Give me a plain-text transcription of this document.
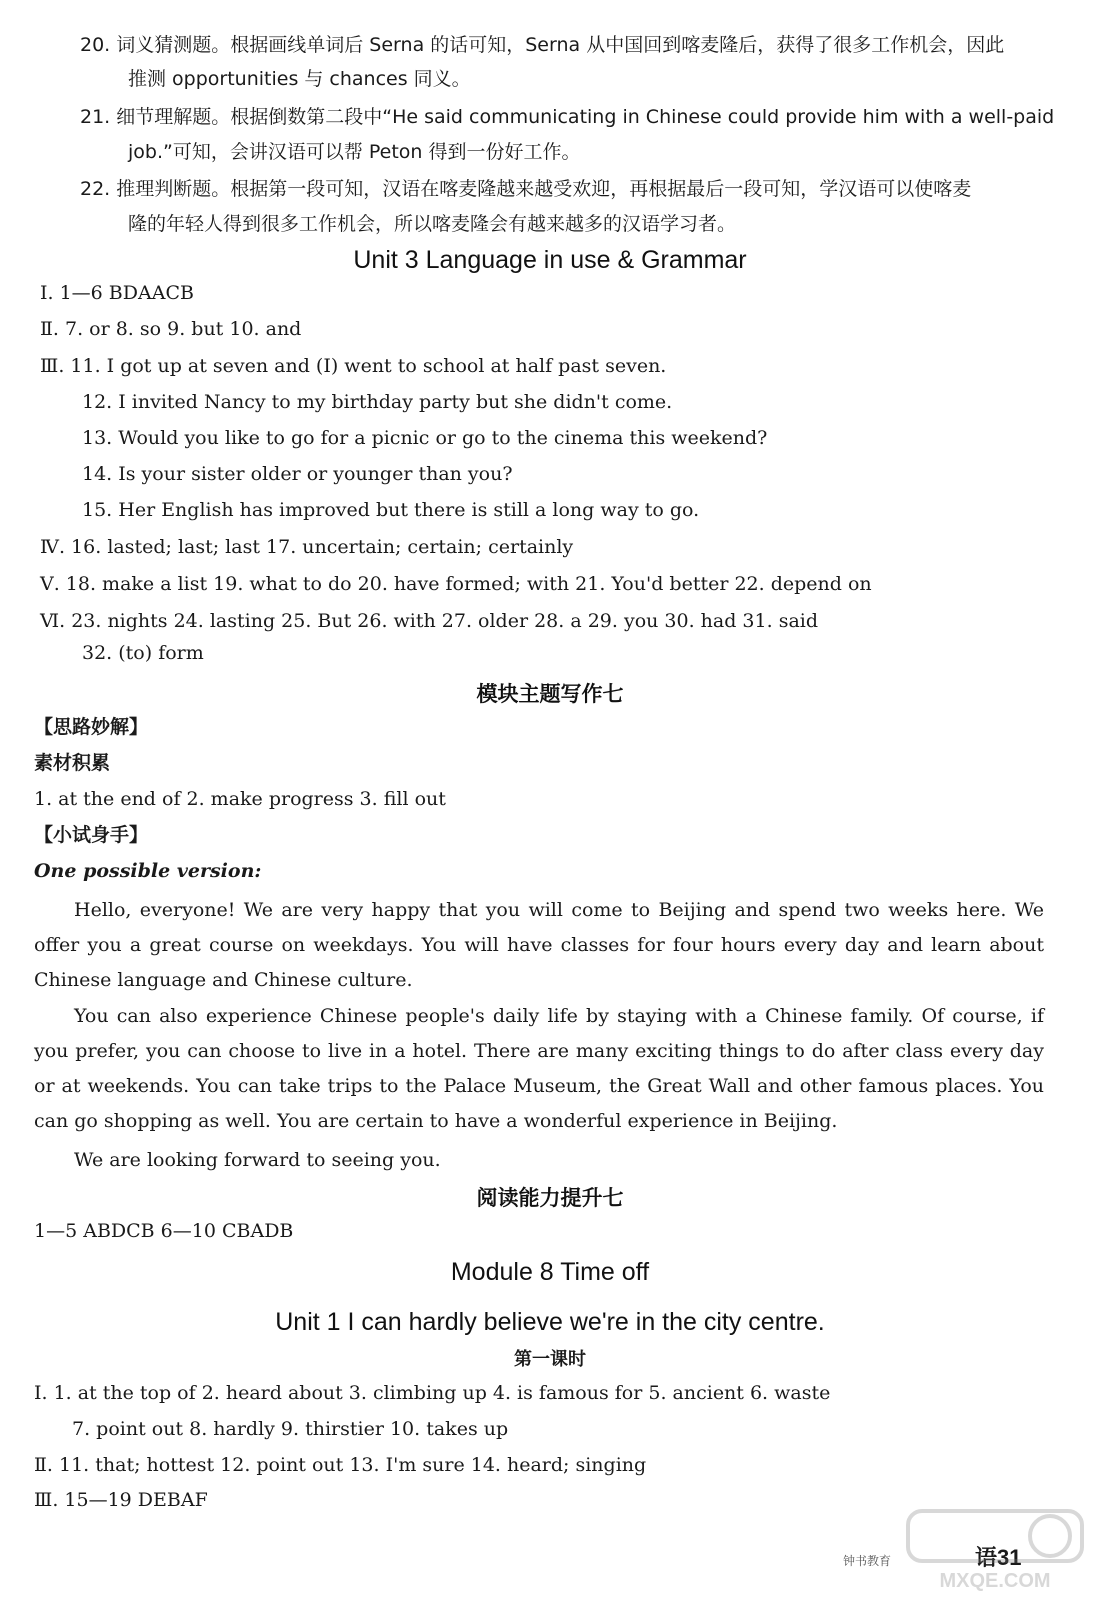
20. 词义猜测题。根据画线单词后 Serna 的话可知，Serna 从中国回到喀麦隆后，获得了很多工作机会，因此
推测 opportunities 与 chances 同义。
21. 细节理解题。根据倒数第二段中“He said communicating in Chinese could provide him with a well-paid
job.”可知，会讲汉语可以帮 Peton 得到一份好工作。
22. 推理判断题。根据第一段可知，汉语在喀麦隆越来越受欢迎，再根据最后一段可知，学汉语可以使喀麦
隆的年轻人得到很多工作机会，所以喀麦隆会有越来越多的汉语学习者。
Unit 3 Language in use & Grammar
Ⅰ. 1—6 BDAACB
Ⅱ. 7. or 8. so 9. but 10. and
Ⅲ. 11. I got up at seven and (I) went to school at half past seven.
12. I invited Nancy to my birthday party but she didn't come.
13. Would you like to go for a picnic or go to the cinema this weekend?
14. Is your sister older or younger than you?
15. Her English has improved but there is still a long way to go.
Ⅳ. 16. lasted; last; last 17. uncertain; certain; certainly
Ⅴ. 18. make a list 19. what to do 20. have formed; with 21. You'd better 22. depend on
Ⅵ. 23. nights 24. lasting 25. But 26. with 27. older 28. a 29. you 30. had 31. said
32. (to) form
模块主题写作七
【思路妙解】
素材积累
1. at the end of 2. make progress 3. fill out
【小试身手】
One possible version:
Hello, everyone! We are very happy that you will come to Beijing and spend two weeks here. We offer you a great course on weekdays. You will have classes for four hours every day and learn about Chinese language and Chinese culture.
You can also experience Chinese people's daily life by staying with a Chinese family. Of course, if you prefer, you can choose to live in a hotel. There are many exciting things to do after class every day or at weekends. You can take trips to the Palace Museum, the Great Wall and other famous places. You can go shopping as well. You are certain to have a wonderful experience in Beijing.
We are looking forward to seeing you.
阅读能力提升七
1—5 ABDCB 6—10 CBADB
Module 8 Time off
Unit 1 I can hardly believe we're in the city centre.
第一课时
Ⅰ. 1. at the top of 2. heard about 3. climbing up 4. is famous for 5. ancient 6. waste
7. point out 8. hardly 9. thirstier 10. takes up
Ⅱ. 11. that; hottest 12. point out 13. I'm sure 14. heard; singing
Ⅲ. 15—19 DEBAF
钟书教育	语31
MXQE.COM
